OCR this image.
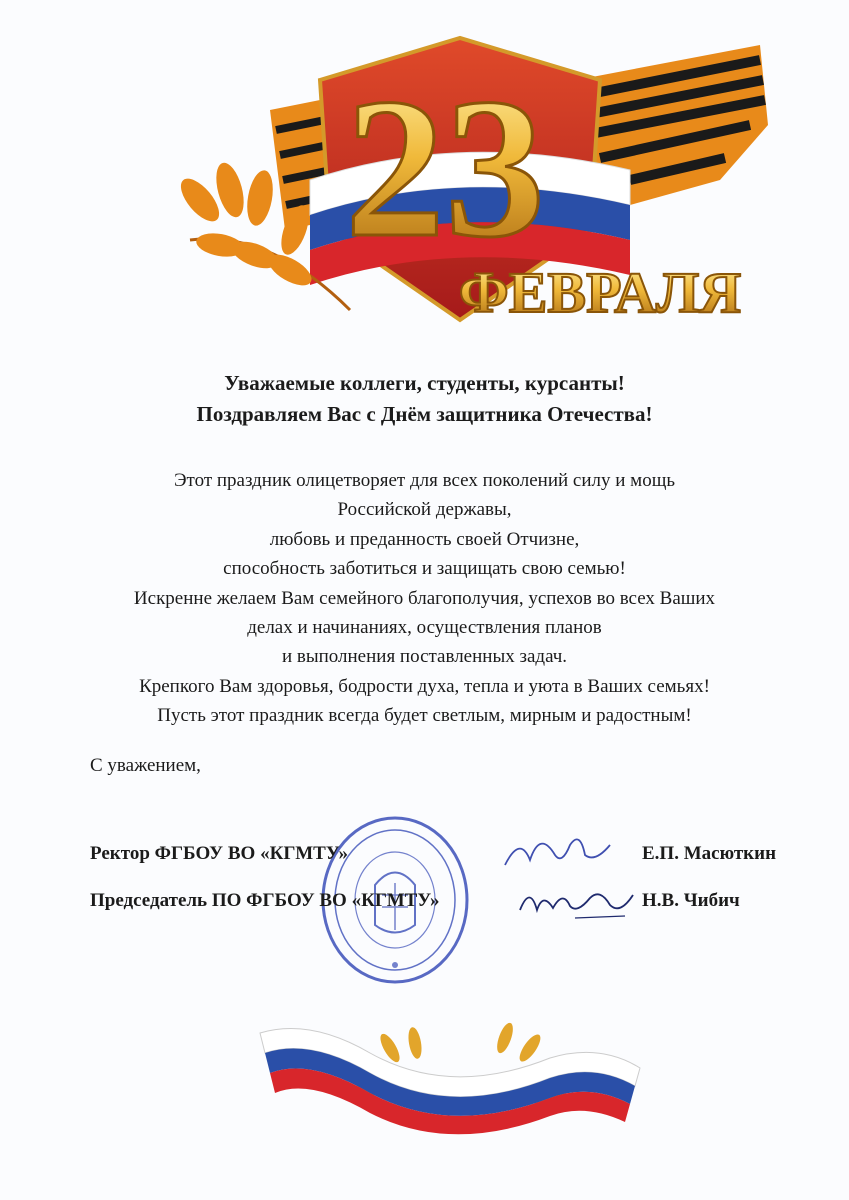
23
ФЕВРАЛЯ
Уважаемые коллеги, студенты, курсанты!
Поздравляем Вас с Днём защитника Отечества!
Этот праздник олицетворяет для всех поколений силу и мощь
Российской державы,
любовь и преданность своей Отчизне,
способность заботиться и защищать свою семью!
Искренне желаем Вам семейного благополучия, успехов во всех Ваших
делах и начинаниях, осуществления планов
и выполнения поставленных задач.
Крепкого Вам здоровья, бодрости духа, тепла и уюта в Ваших семьях!
Пусть этот праздник всегда будет светлым, мирным и радостным!
С уважением,
Ректор ФГБОУ ВО «КГМТУ»	Е.П. Масюткин
Председатель ПО ФГБОУ ВО «КГМТУ»	Н.В. Чибич
